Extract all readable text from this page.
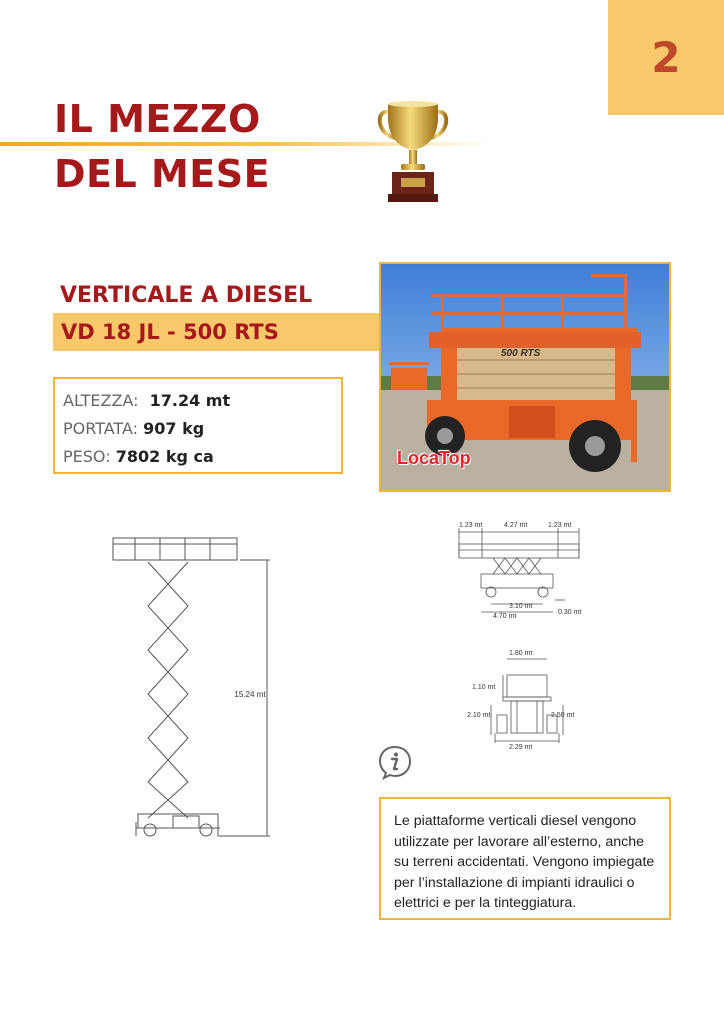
2
IL MEZZO
DEL MESE
VERTICALE A DIESEL
VD 18 JL - 500 RTS
500 RTS
LocaTop
ALTEZZA: 17.24 mt
PORTATA: 907 kg
PESO: 7802 kg ca
15.24 mt
1.23 mt	4.27 mt	1.23 mt
3.10 mt
4.70 mt
0.30 mt
1.80 mt
1.10 mt
2.10 mt	2.50 mt
2.29 mt
Le piattaforme verticali diesel vengono utilizzate per lavorare all’esterno, anche su terreni accidentati. Vengono impiegate per l’installazione di impianti idraulici o elettrici e per la tinteggiatura.
